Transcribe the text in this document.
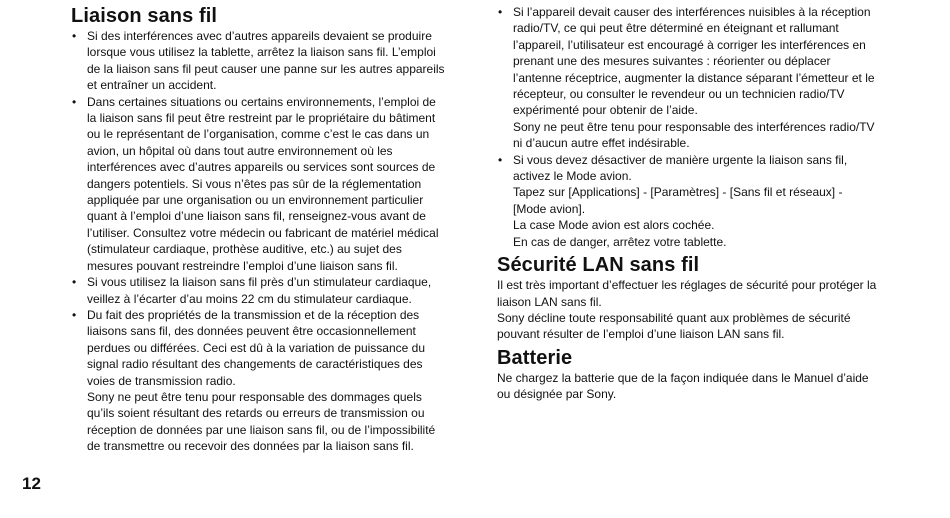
Liaison sans fil

• Si des interférences avec d’autres appareils devaient se produire lorsque vous utilisez la tablette, arrêtez la liaison sans fil. L’emploi de la liaison sans fil peut causer une panne sur les autres appareils et entraîner un accident.

• Dans certaines situations ou certains environnements, l’emploi de la liaison sans fil peut être restreint par le propriétaire du bâtiment ou le représentant de l’organisation, comme c’est le cas dans un avion, un hôpital où dans tout autre environnement où les interférences avec d’autres appareils ou services sont sources de dangers potentiels. Si vous n’êtes pas sûr de la réglementation appliquée par une organisation ou un environnement particulier quant à l’emploi d’une liaison sans fil, renseignez-vous avant de l’utiliser. Consultez votre médecin ou fabricant de matériel médical (stimulateur cardiaque, prothèse auditive, etc.) au sujet des mesures pouvant restreindre l’emploi d’une liaison sans fil.

• Si vous utilisez la liaison sans fil près d’un stimulateur cardiaque, veillez à l’écarter d’au moins 22 cm du stimulateur cardiaque.

• Du fait des propriétés de la transmission et de la réception des liaisons sans fil, des données peuvent être occasionnellement perdues ou différées. Ceci est dû à la variation de puissance du signal radio résultant des changements de caractéristiques des voies de transmission radio.

Sony ne peut être tenu pour responsable des dommages quels qu’ils soient résultant des retards ou erreurs de transmission ou réception de données par une liaison sans fil, ou de l’impossibilité de transmettre ou recevoir des données par la liaison sans fil.

• Si l’appareil devait causer des interférences nuisibles à la réception radio/TV, ce qui peut être déterminé en éteignant et rallumant l’appareil, l’utilisateur est encouragé à corriger les interférences en prenant une des mesures suivantes : réorienter ou déplacer l’antenne réceptrice, augmenter la distance séparant l’émetteur et le récepteur, ou consulter le revendeur ou un technicien radio/TV expérimenté pour obtenir de l’aide.

Sony ne peut être tenu pour responsable des interférences radio/TV ni d’aucun autre effet indésirable.

• Si vous devez désactiver de manière urgente la liaison sans fil, activez le Mode avion.

Tapez sur [Applications] - [Paramètres] - [Sans fil et réseaux] - [Mode avion].

La case Mode avion est alors cochée.

En cas de danger, arrêtez votre tablette.

Sécurité LAN sans fil

Il est très important d’effectuer les réglages de sécurité pour protéger la liaison LAN sans fil.

Sony décline toute responsabilité quant aux problèmes de sécurité pouvant résulter de l’emploi d’une liaison LAN sans fil.

Batterie

Ne chargez la batterie que de la façon indiquée dans le Manuel d’aide ou désignée par Sony.

12
